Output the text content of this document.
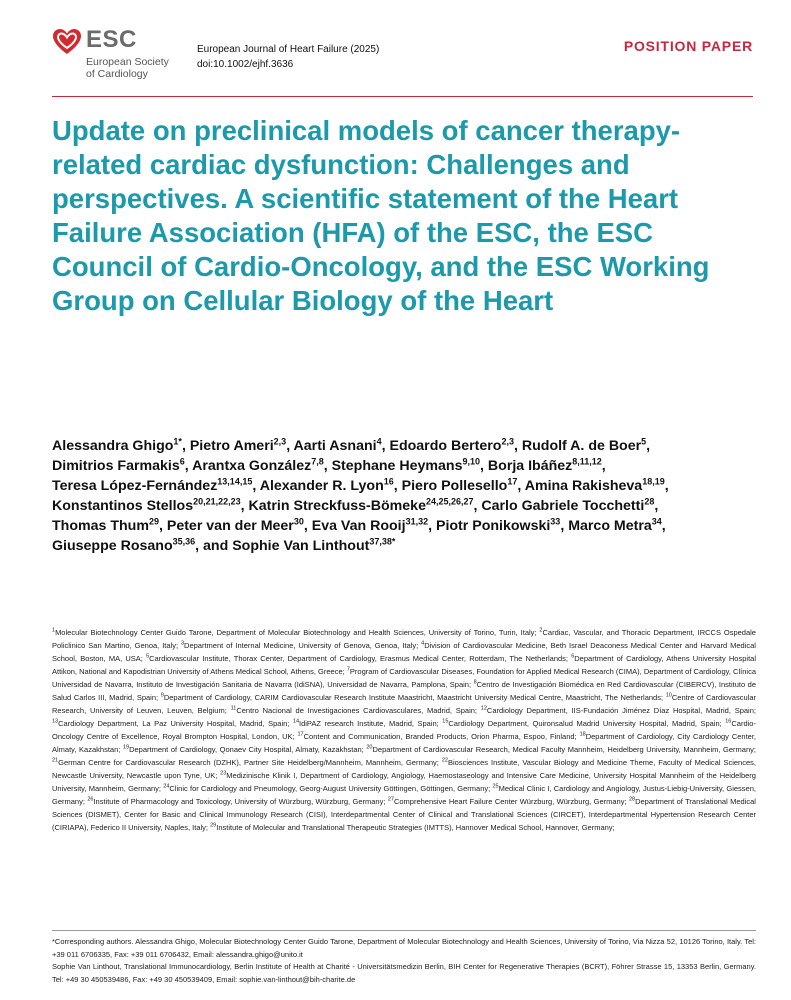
ESC
European Society
of Cardiology
European Journal of Heart Failure (2025)
doi:10.1002/ejhf.3636
POSITION PAPER
Update on preclinical models of cancer therapy-related cardiac dysfunction: Challenges and perspectives. A scientific statement of the Heart Failure Association (HFA) of the ESC, the ESC Council of Cardio-Oncology, and the ESC Working Group on Cellular Biology of the Heart
Alessandra Ghigo$^{1*}$, Pietro Ameri$^{2,3}$, Aarti Asnani$^4$, Edoardo Bertero$^{2,3}$, Rudolf A. de Boer$^5$, Dimitrios Farmakis$^6$, Arantxa González$^{7,8}$, Stephane Heymans$^{9,10}$, Borja Ibáñez$^{8,11,12}$, Teresa López-Fernández$^{13,14,15}$, Alexander R. Lyon$^{16}$, Piero Pollesello$^{17}$, Amina Rakisheva$^{18,19}$, Konstantinos Stellos$^{20,21,22,23}$, Katrin Streckfuss-Bömeke$^{24,25,26,27}$, Carlo Gabriele Tocchetti$^{28}$, Thomas Thum$^{29}$, Peter van der Meer$^{30}$, Eva Van Rooij$^{31,32}$, Piotr Ponikowski$^{33}$, Marco Metra$^{34}$, Giuseppe Rosano$^{35,36}$, and Sophie Van Linthout$^{37,38*}$
$^1$Molecular Biotechnology Center Guido Tarone, Department of Molecular Biotechnology and Health Sciences, University of Torino, Turin, Italy; $^2$Cardiac, Vascular, and Thoracic Department, IRCCS Ospedale Policlinico San Martino, Genoa, Italy; $^3$Department of Internal Medicine, University of Genova, Genoa, Italy; $^4$Division of Cardiovascular Medicine, Beth Israel Deaconess Medical Center and Harvard Medical School, Boston, MA, USA; $^5$Cardiovascular Institute, Thorax Center, Department of Cardiology, Erasmus Medical Center, Rotterdam, The Netherlands; $^6$Department of Cardiology, Athens University Hospital Attikon, National and Kapodistrian University of Athens Medical School, Athens, Greece; $^7$Program of Cardiovascular Diseases, Foundation for Applied Medical Research (CIMA), Department of Cardiology, Clínica Universidad de Navarra, Instituto de Investigación Sanitaria de Navarra (IdiSNA), Universidad de Navarra, Pamplona, Spain; $^8$Centro de Investigación Biomédica en Red Cardiovascular (CIBERCV), Instituto de Salud Carlos III, Madrid, Spain; $^9$Department of Cardiology, CARIM Cardiovascular Research Institute Maastricht, Maastricht University Medical Centre, Maastricht, The Netherlands; $^{10}$Centre of Cardiovascular Research, University of Leuven, Leuven, Belgium; $^{11}$Centro Nacional de Investigaciones Cardiovasculares, Madrid, Spain; $^{12}$Cardiology Department, IIS-Fundación Jiménez Díaz Hospital, Madrid, Spain; $^{13}$Cardiology Department, La Paz University Hospital, Madrid, Spain; $^{14}$IdiPAZ research Institute, Madrid, Spain; $^{15}$Cardiology Department, Quironsalud Madrid University Hospital, Madrid, Spain; $^{16}$Cardio-Oncology Centre of Excellence, Royal Brompton Hospital, London, UK; $^{17}$Content and Communication, Branded Products, Orion Pharma, Espoo, Finland; $^{18}$Department of Cardiology, City Cardiology Center, Almaty, Kazakhstan; $^{19}$Department of Cardiology, Qonaev City Hospital, Almaty, Kazakhstan; $^{20}$Department of Cardiovascular Research, Medical Faculty Mannheim, Heidelberg University, Mannheim, Germany; $^{21}$German Centre for Cardiovascular Research (DZHK), Partner Site Heidelberg/Mannheim, Mannheim, Germany; $^{22}$Biosciences Institute, Vascular Biology and Medicine Theme, Faculty of Medical Sciences, Newcastle University, Newcastle upon Tyne, UK; $^{23}$Medizinische Klinik I, Department of Cardiology, Angiology, Haemostaseology and Intensive Care Medicine, University Hospital Mannheim of the Heidelberg University, Mannheim, Germany; $^{24}$Clinic for Cardiology and Pneumology, Georg-August University Göttingen, Göttingen, Germany; $^{25}$Medical Clinic I, Cardiology and Angiology, Justus-Liebig-University, Giessen, Germany; $^{26}$Institute of Pharmacology and Toxicology, University of Würzburg, Würzburg, Germany; $^{27}$Comprehensive Heart Failure Center Würzburg, Würzburg, Germany; $^{28}$Department of Translational Medical Sciences (DISMET), Center for Basic and Clinical Immunology Research (CISI), Interdepartmental Center of Clinical and Translational Sciences (CIRCET), Interdepartmental Hypertension Research Center (CIRIAPA), Federico II University, Naples, Italy; $^{29}$Institute of Molecular and Translational Therapeutic Strategies (IMTTS), Hannover Medical School, Hannover, Germany;
*Corresponding authors. Alessandra Ghigo, Molecular Biotechnology Center Guido Tarone, Department of Molecular Biotechnology and Health Sciences, University of Torino, Via Nizza 52, 10126 Torino, Italy. Tel: +39 011 6706335, Fax: +39 011 6706432, Email: alessandra.ghigo@unito.it
Sophie Van Linthout, Translational Immunocardiology, Berlin Institute of Health at Charité - Universitätsmedizin Berlin, BIH Center for Regenerative Therapies (BCRT), Föhrer Strasse 15, 13353 Berlin, Germany. Tel: +49 30 450539486, Fax: +49 30 450539409, Email: sophie.van-linthout@bih-charite.de
